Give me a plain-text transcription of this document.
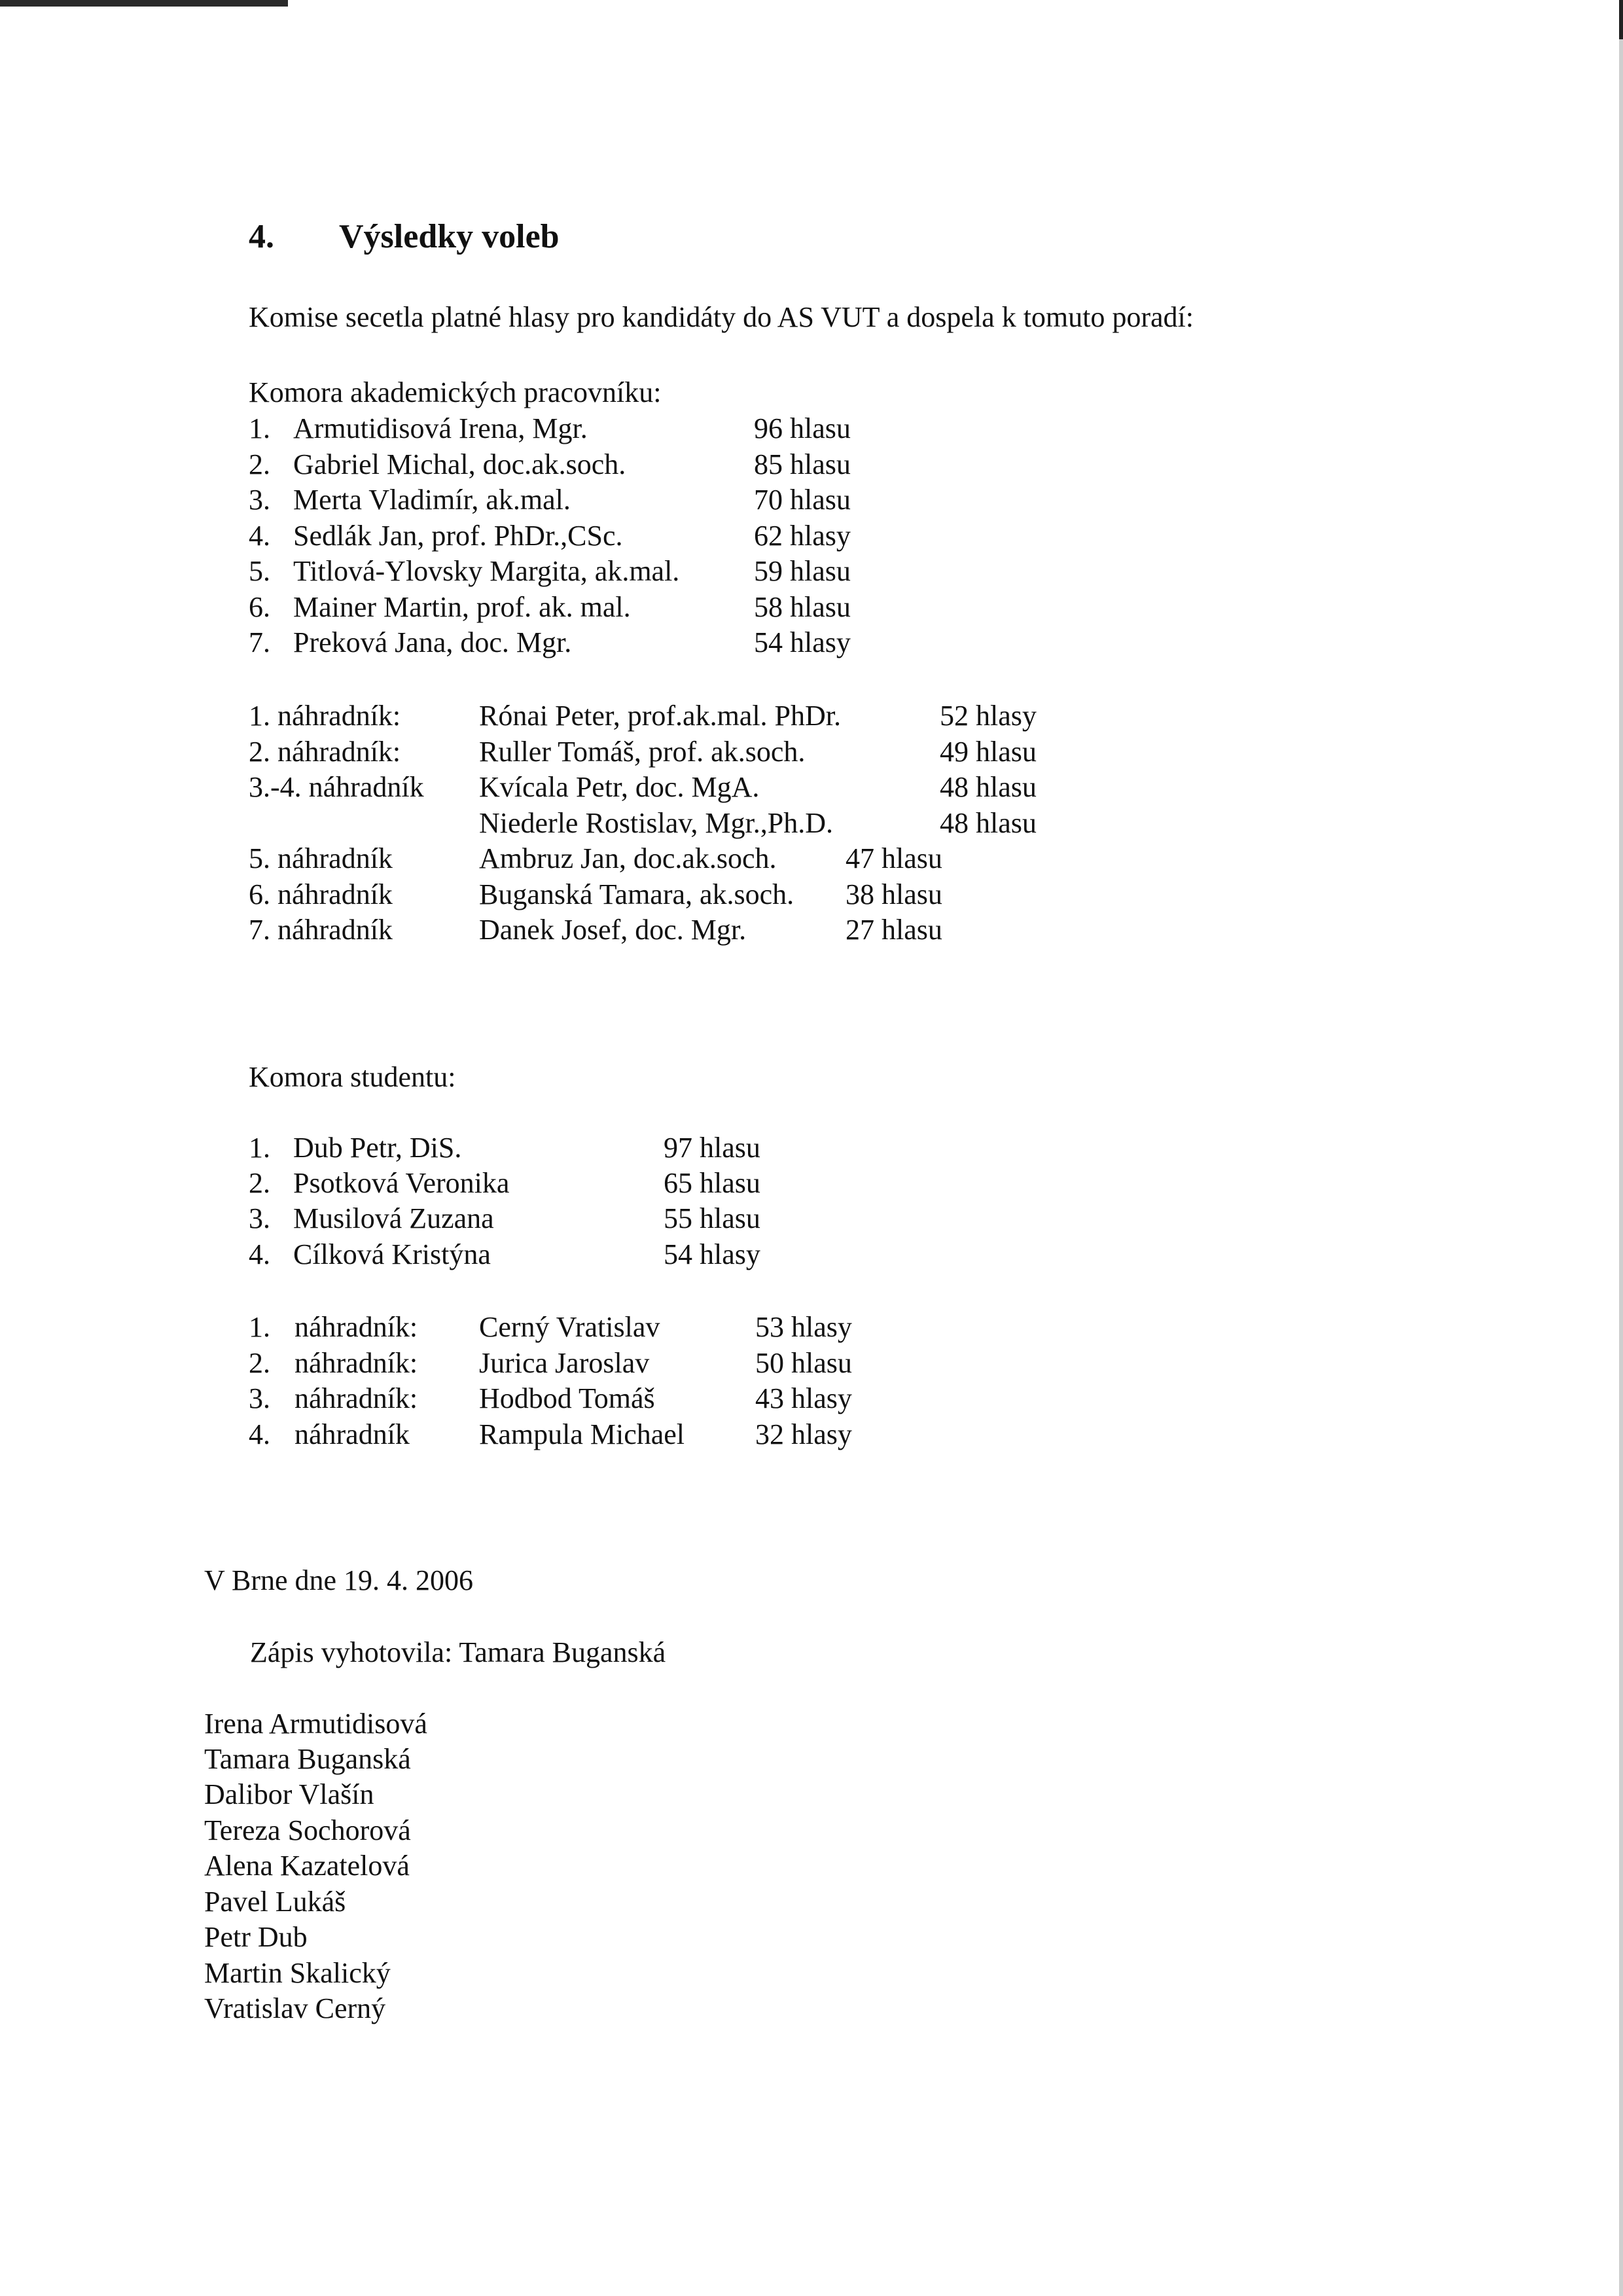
4. Výsledky voleb
Komise secetla platné hlasy pro kandidáty do AS VUT a dospela k tomuto poradí:
Komora akademických pracovníku:
1. Armutidisová Irena, Mgr.	96 hlasu
2. Gabriel Michal, doc.ak.soch.	85 hlasu
3. Merta Vladimír, ak.mal.	70 hlasu
4. Sedlák Jan, prof. PhDr.,CSc.	62 hlasy
5. Titlová-Ylovsky Margita, ak.mal.	59 hlasu
6. Mainer Martin, prof. ak. mal.	58 hlasu
7. Preková Jana, doc. Mgr.	54 hlasy
1. náhradník:	Rónai Peter, prof.ak.mal. PhDr.	52 hlasy
2. náhradník:	Ruller Tomáš, prof. ak.soch.	49 hlasu
3.-4. náhradník Kvícala Petr, doc. MgA.	48 hlasu
Niederle Rostislav, Mgr.,Ph.D.	48 hlasu
5. náhradník	Ambruz Jan, doc.ak.soch. 47 hlasu
6. náhradník	Buganská Tamara, ak.soch. 38 hlasu
7. náhradník	Danek Josef, doc. Mgr.	27 hlasu
Komora studentu:
1. Dub Petr, DiS.	97 hlasu
2. Psotková Veronika	65 hlasu
3. Musilová Zuzana	55 hlasu
4. Cílková Kristýna	54 hlasy
1. náhradník: Cerný Vratislav	53 hlasy
2. náhradník: Jurica Jaroslav	50 hlasu
3. náhradník: Hodbod Tomáš	43 hlasy
4. náhradník Rampula Michael 32 hlasy
V Brne dne 19. 4. 2006
Zápis vyhotovila: Tamara Buganská
Irena Armutidisová
Tamara Buganská
Dalibor Vlašín
Tereza Sochorová
Alena Kazatelová
Pavel Lukáš
Petr Dub
Martin Skalický
Vratislav Cerný
